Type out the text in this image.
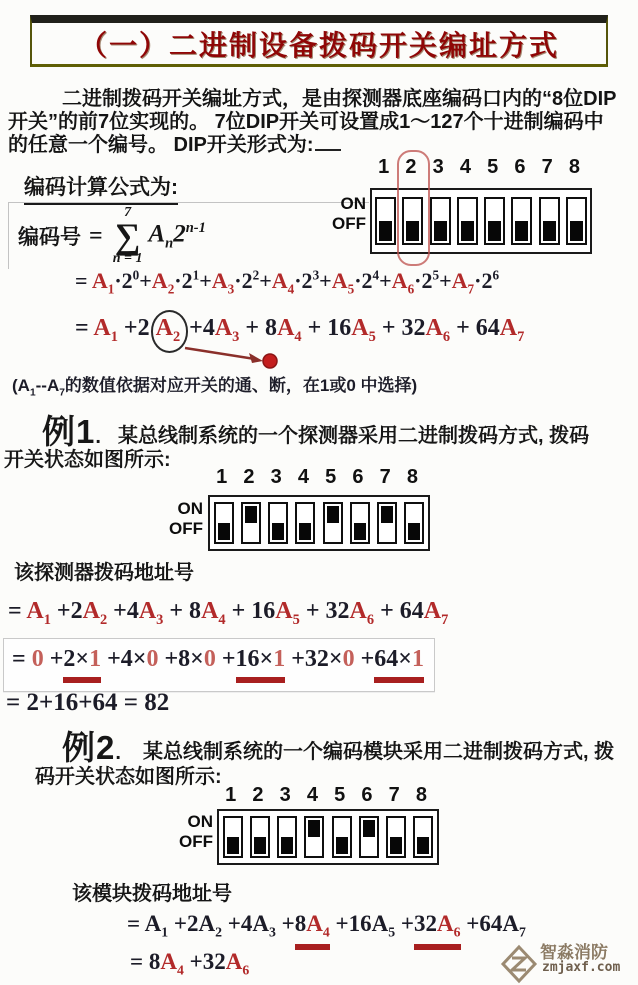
（一）二进制设备拨码开关编址方式
二进制拨码开关编址方式，是由探测器底座编码口内的“8位DIP
开关”的前7位实现的。 7位DIP开关可设置成1～127个十进制编码中
的任意一个编号。 DIP开关形式为:
编码计算公式为:
编码号 =
7
∑
n = 1
$A_n2^{n-1}$
1 2 3 4 5 6 7 8
ON
OFF
= $A_1\cdot 2^0+A_2\cdot 2^1+A_3\cdot 2^2+A_4\cdot 2^3+A_5\cdot 2^4+A_6\cdot 2^5+A_7\cdot 2^6$
= $A_1 +2$ $A_2 +4A_3 + 8A_4 + 16A_5 + 32A_6 + 64A_7$
($A_1--A_7$的数值依据对应开关的通、断，在1或0 中选择)
例1. 某总线制系统的一个探测器采用二进制拨码方式, 拨码
开关状态如图所示:
1 2 3 4 5 6 7 8
ON
OFF
该探测器拨码地址号
= $A_1 +2A_2 +4A_3 + 8A_4 + 16A_5 + 32A_6 + 64A_7$
= 0 +2×1 +4×0 +8×0 +16×1 +32×0 +64×1
= 2+16+64 = 82
例2. 某总线制系统的一个编码模块采用二进制拨码方式, 拨
码开关状态如图所示:
1 2 3 4 5 6 7 8
ON
OFF
该模块拨码地址号
= $A_1 +2A_2 +4A_3 +8A_4 +16A_5 +32A_6 +64A_7$
= $8A_4 +32A_6$
智淼消防
zmjaxf.com
